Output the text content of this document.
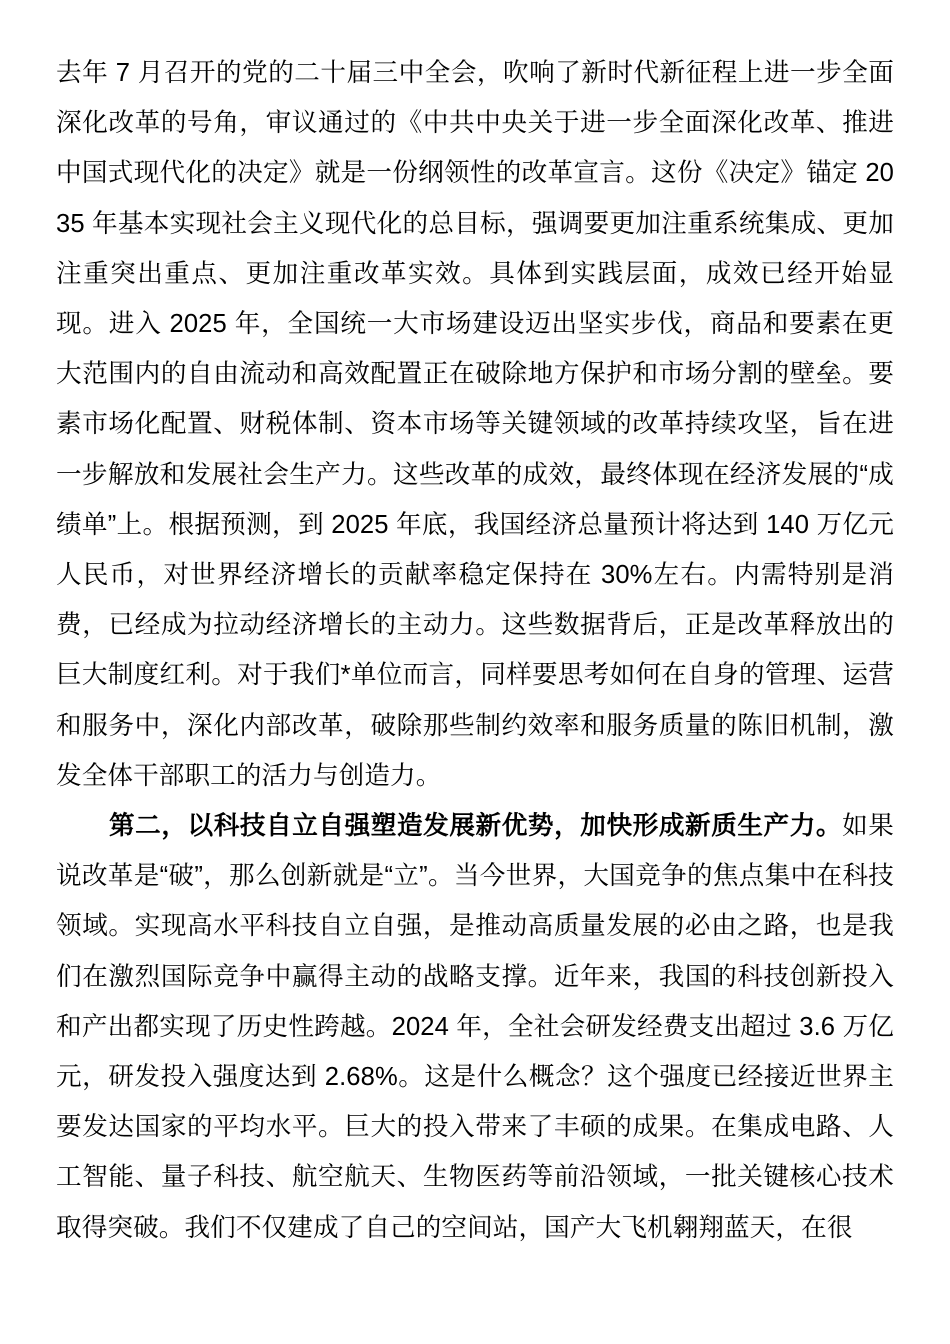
去年 7 月召开的党的二十届三中全会，吹响了新时代新征程上进一步全面深化改革的号角，审议通过的《中共中央关于进一步全面深化改革、推进中国式现代化的决定》就是一份纲领性的改革宣言。这份《决定》锚定 2035 年基本实现社会主义现代化的总目标，强调要更加注重系统集成、更加注重突出重点、更加注重改革实效。具体到实践层面，成效已经开始显现。进入 2025 年，全国统一大市场建设迈出坚实步伐，商品和要素在更大范围内的自由流动和高效配置正在破除地方保护和市场分割的壁垒。要素市场化配置、财税体制、资本市场等关键领域的改革持续攻坚，旨在进一步解放和发展社会生产力。这些改革的成效，最终体现在经济发展的“成绩单”上。根据预测，到 2025 年底，我国经济总量预计将达到 140 万亿元人民币，对世界经济增长的贡献率稳定保持在 30%左右。内需特别是消费，已经成为拉动经济增长的主动力。这些数据背后，正是改革释放出的巨大制度红利。对于我们*单位而言，同样要思考如何在自身的管理、运营和服务中，深化内部改革，破除那些制约效率和服务质量的陈旧机制，激发全体干部职工的活力与创造力。

第二，以科技自立自强塑造发展新优势，加快形成新质生产力。如果说改革是“破”，那么创新就是“立”。当今世界，大国竞争的焦点集中在科技领域。实现高水平科技自立自强，是推动高质量发展的必由之路，也是我们在激烈国际竞争中赢得主动的战略支撑。近年来，我国的科技创新投入和产出都实现了历史性跨越。2024 年，全社会研发经费支出超过 3.6 万亿元，研发投入强度达到 2.68%。这是什么概念？这个强度已经接近世界主要发达国家的平均水平。巨大的投入带来了丰硕的成果。在集成电路、人工智能、量子科技、航空航天、生物医药等前沿领域，一批关键核心技术取得突破。我们不仅建成了自己的空间站，国产大飞机翱翔蓝天，在很
